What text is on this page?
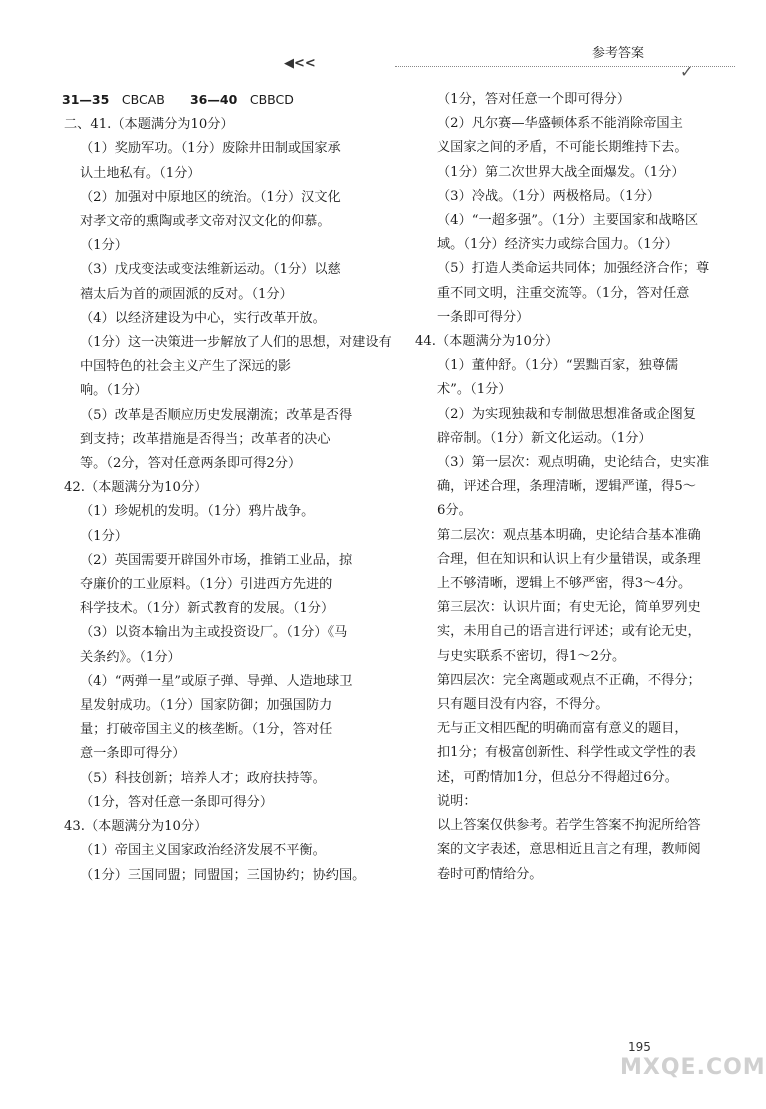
◀<<
参考答案
✓
31—35 CBCAB 36—40 CBBCD
二、41.（本题满分为10分）
（1）奖励军功。（1分）废除井田制或国家承
认土地私有。（1分）
（2）加强对中原地区的统治。（1分）汉文化
对孝文帝的熏陶或孝文帝对汉文化的仰慕。
（1分）
（3）戊戌变法或变法维新运动。（1分）以慈
禧太后为首的顽固派的反对。（1分）
（4）以经济建设为中心，实行改革开放。
（1分）这一决策进一步解放了人们的思想，对建设有
中国特色的社会主义产生了深远的影
响。（1分）
（5）改革是否顺应历史发展潮流；改革是否得
到支持；改革措施是否得当；改革者的决心
等。（2分，答对任意两条即可得2分）
42.（本题满分为10分）
（1）珍妮机的发明。（1分）鸦片战争。
（1分）
（2）英国需要开辟国外市场，推销工业品，掠
夺廉价的工业原料。（1分）引进西方先进的
科学技术。（1分）新式教育的发展。（1分）
（3）以资本输出为主或投资设厂。（1分）《马
关条约》。（1分）
（4）“两弹一星”或原子弹、导弹、人造地球卫
星发射成功。（1分）国家防御；加强国防力
量；打破帝国主义的核垄断。（1分，答对任
意一条即可得分）
（5）科技创新；培养人才；政府扶持等。
（1分，答对任意一条即可得分）
43.（本题满分为10分）
（1）帝国主义国家政治经济发展不平衡。
（1分）三国同盟；同盟国；三国协约；协约国。
（1分，答对任意一个即可得分）
（2）凡尔赛—华盛顿体系不能消除帝国主
义国家之间的矛盾，不可能长期维持下去。
（1分）第二次世界大战全面爆发。（1分）
（3）冷战。（1分）两极格局。（1分）
（4）“一超多强”。（1分）主要国家和战略区
域。（1分）经济实力或综合国力。（1分）
（5）打造人类命运共同体；加强经济合作；尊
重不同文明，注重交流等。（1分，答对任意
一条即可得分）
44.（本题满分为10分）
（1）董仲舒。（1分）“罢黜百家，独尊儒
术”。（1分）
（2）为实现独裁和专制做思想准备或企图复
辟帝制。（1分）新文化运动。（1分）
（3）第一层次：观点明确，史论结合，史实准
确，评述合理，条理清晰，逻辑严谨，得5～
6分。
第二层次：观点基本明确，史论结合基本准确
合理，但在知识和认识上有少量错误，或条理
上不够清晰，逻辑上不够严密，得3～4分。
第三层次：认识片面；有史无论，简单罗列史
实，未用自己的语言进行评述；或有论无史，
与史实联系不密切，得1～2分。
第四层次：完全离题或观点不正确，不得分；
只有题目没有内容，不得分。
无与正文相匹配的明确而富有意义的题目，
扣1分；有极富创新性、科学性或文学性的表
述，可酌情加1分，但总分不得超过6分。
说明：
以上答案仅供参考。若学生答案不拘泥所给答
案的文字表述，意思相近且言之有理，教师阅
卷时可酌情给分。
195
MXQE.COM
